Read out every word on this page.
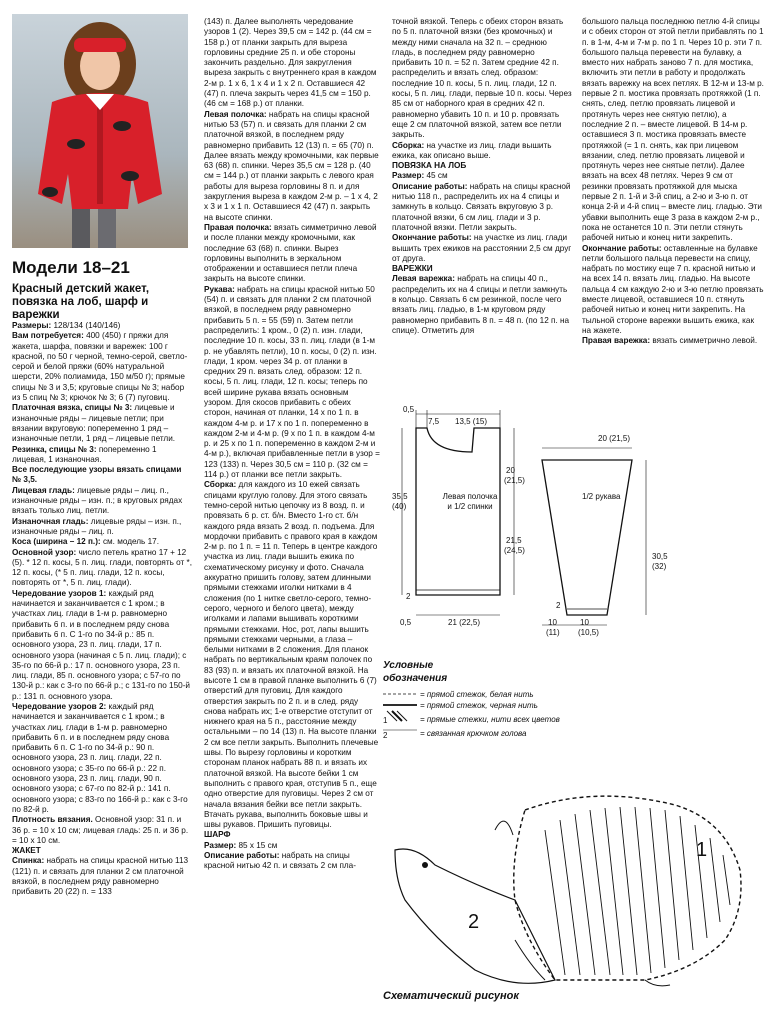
Модели 18–21
Красный детский жакет, повязка на лоб, шарф и варежки

Размеры: 128/134 (140/146)

Вам потребуется: 400 (450) г пряжи для жакета, шарфа, повязки и варежек: 100 г красной, по 50 г черной, темно-серой, светло-серой и белой пряжи (60% натуральной шерсти, 20% полиамида, 150 м/50 г); прямые спицы № 3 и 3,5; круговые спицы № 3; набор из 5 спиц № 3; крючок № 3; 6 (7) пуговиц.

Платочная вязка, спицы № 3: лицевые и изнаночные ряды – лицевые петли; при вязании вкруговую: попеременно 1 ряд – изнаночные петли, 1 ряд – лицевые петли.

Резинка, спицы № 3: попеременно 1 лицевая, 1 изнаночная.

Все последующие узоры вязать спицами № 3,5.

Лицевая гладь: лицевые ряды – лиц. п., изнаночные ряды – изн. п.; в круговых рядах вязать только лиц. петли.

Изнаночная гладь: лицевые ряды – изн. п., изнаночные ряды – лиц. п.

Коса (ширина – 12 п.): см. модель 17.

Основной узор: число петель кратно 17 + 12 (5). * 12 п. косы, 5 п. лиц. глади, повторять от *, 12 п. косы, (* 5 п. лиц. глади, 12 п. косы, повторять от *, 5 п. лиц. глади).

Чередование узоров 1: каждый ряд начинается и заканчивается с 1 кром.; в участках лиц. глади в 1-м р. равномерно прибавить 6 п. и в последнем ряду снова прибавить 6 п. С 1-го по 34-й р.: 85 п. основного узора, 23 п. лиц. глади, 17 п. основного узора (начиная с 5 п. лиц. глади); с 35-го по 66-й р.: 17 п. основного узора, 23 п. лиц. глади, 85 п. основного узора; с 57-го по 130-й р.: как с 3-го по 66-й р.; с 131-го по 150-й р.: 131 п. основного узора.

Чередование узоров 2: каждый ряд начинается и заканчивается с 1 кром.; в участках лиц. глади в 1-м р. равномерно прибавить 6 п. и в последнем ряду снова прибавить 6 п. С 1-го по 34-й р.: 90 п. основного узора, 23 п. лиц. глади, 22 п. основного узора; с 35-го по 66-й р.: 22 п. основного узора, 23 п. лиц. глади, 90 п. основного узора; с 67-го по 82-й р.: 141 п. основного узора; с 83-го по 166-й р.: как с 3-го по 82-й р.

Плотность вязания. Основной узор: 31 п. и 36 р. = 10 х 10 см; лицевая гладь: 25 п. и 36 р. = 10 х 10 см.

ЖАКЕТ

Спинка: набрать на спицы красной нитью 113 (121) п. и связать для планки 2 см платочной вязкой, в последнем ряду равномерно прибавить 20 (22) п. = 133

(143) п. Далее выполнять чередование узоров 1 (2). Через 39,5 см = 142 р. (44 см = 158 р.) от планки закрыть для выреза горловины средние 25 п. и обе стороны закончить раздельно. Для закругления выреза закрыть с внутреннего края в каждом 2-м р. 1 х 6, 1 х 4 и 1 х 2 п. Оставшиеся 42 (47) п. плеча закрыть через 41,5 см = 150 р. (46 см = 168 р.) от планки.

Левая полочка: набрать на спицы красной нитью 53 (57) п. и связать для планки 2 см платочной вязкой, в последнем ряду равномерно прибавить 12 (13) п. = 65 (70) п. Далее вязать между кромочными, как первые 63 (68) п. спинки. Через 35,5 см = 128 р. (40 см = 144 р.) от планки закрыть с левого края работы для выреза горловины 8 п. и для закругления выреза в каждом 2-м р. – 1 х 4, 2 х 3 и 1 х 1 п. Оставшиеся 42 (47) п. закрыть на высоте спинки.

Правая полочка: вязать симметрично левой и после планки между кромочными, как последние 63 (68) п. спинки. Вырез горловины выполнить в зеркальном отображении и оставшиеся петли плеча закрыть на высоте спинки.

Рукава: набрать на спицы красной нитью 50 (54) п. и связать для планки 2 см платочной вязкой, в последнем ряду равномерно прибавить 5 п. = 55 (59) п. Затем петли распределить: 1 кром., 0 (2) п. изн. глади, последние 10 п. косы, 33 п. лиц. глади (в 1-м р. не убавлять петли), 10 п. косы, 0 (2) п. изн. глади, 1 кром. через 34 р. от планки в средних 29 п. вязать след. образом: 12 п. косы, 5 п. лиц. глади, 12 п. косы; теперь по всей ширине рукава вязать основным узором. Для скосов прибавить с обеих сторон, начиная от планки, 14 х по 1 п. в каждом 4-м р. и 17 х по 1 п. попеременно в каждом 2-м и 4-м р. (9 х по 1 п. в каждом 4-м р. и 25 х по 1 п. попеременно в каждом 2-м и 4-м р.), включая прибавленные петли в узор = 123 (133) п. Через 30,5 см = 110 р. (32 см = 114 р.) от планки все петли закрыть.

Сборка: для каждого из 10 ежей связать спицами круглую голову. Для этого связать темно-серой нитью цепочку из 8 возд. п. и провязать 6 р. ст. б/н. Вместо 1-го ст. б/н каждого ряда вязать 2 возд. п. подъема. Для мордочки прибавить с правого края в каждом 2-м р. по 1 п. = 11 п. Теперь в центре каждого участка из лиц. глади вышить ежика по схематическому рисунку и фото. Сначала аккуратно пришить голову, затем длинными прямыми стежками иголки нитками в 4 сложения (по 1 нитке светло-серого, темно-серого, черного и белого цвета), между иголками и лапами вышивать короткими прямыми стежками. Нос, рот, лапы вышить прямыми стежками черными, а глаза – белыми нитками в 2 сложения. Для планок набрать по вертикальным краям полочек по 83 (93) п. и вязать их платочной вязкой. На высоте 1 см в правой планке выполнить 6 (7) отверстий для пуговиц. Для каждого отверстия закрыть по 2 п. и в след. ряду снова набрать их; 1-е отверстие отступит от нижнего края на 5 п., расстояние между остальными – по 14 (13) п. На высоте планки 2 см все петли закрыть. Выполнить плечевые швы. По вырезу горловины и коротким сторонам планок набрать 88 п. и вязать их платочной вязкой. На высоте бейки 1 см выполнить с правого края, отступив 5 п., еще одно отверстие для пуговицы. Через 2 см от начала вязания бейки все петли закрыть. Втачать рукава, выполнить боковые швы и швы рукавов. Пришить пуговицы.

ШАРФ

Размер: 85 х 15 см

Описание работы: набрать на спицы красной нитью 42 п. и связать 2 см пла-

точной вязкой. Теперь с обеих сторон вязать по 5 п. платочной вязки (без кромочных) и между ними сначала на 32 п. – среднюю гладь, в последнем ряду равномерно прибавить 10 п. = 52 п. Затем средние 42 п. распределить и вязать след. образом: последние 10 п. косы, 5 п. лиц. глади, 12 п. косы, 5 п. лиц. глади, первые 10 п. косы. Через 85 см от наборного края в средних 42 п. равномерно убавить 10 п. и 10 р. провязать еще 2 см платочной вязкой, затем все петли закрыть.

Сборка: на участке из лиц. глади вышить ежика, как описано выше.

ПОВЯЗКА НА ЛОБ

Размер: 45 см

Описание работы: набрать на спицы красной нитью 118 п., распределить их на 4 спицы и замкнуть в кольцо. Связать вкруговую 3 р. платочной вязки, 6 см лиц. глади и 3 р. платочной вязки. Петли закрыть.

Окончание работы: на участке из лиц. глади вышить трех ежиков на расстоянии 2,5 см друг от друга.

ВАРЕЖКИ

Левая варежка: набрать на спицы 40 п., распределить их на 4 спицы и петли замкнуть в кольцо. Связать 6 см резинкой, после чего вязать лиц. гладью, в 1-м круговом ряду равномерно прибавить 8 п. = 48 п. (по 12 п. на спице). Отметить для

большого пальца последнюю петлю 4-й спицы и с обеих сторон от этой петли прибавлять по 1 п. в 1-м, 4-м и 7-м р. по 1 п. Через 10 р. эти 7 п. большого пальца перевести на булавку, а вместо них набрать заново 7 п. для мостика, включить эти петли в работу и продолжать вязать варежку на всех петлях. В 12-м и 13-м р. первые 2 п. мостика провязать протяжкой (1 п. снять, след. петлю провязать лицевой и протянуть через нее снятую петлю), а последние 2 п. – вместе лицевой. В 14-м р. оставшиеся 3 п. мостика провязать вместе протяжкой (= 1 п. снять, как при лицевом вязании, след. петлю провязать лицевой и протянуть через нее снятые петли). Далее вязать на всех 48 петлях. Через 9 см от резинки провязать протяжкой для мыска первые 2 п. 1-й и 3-й спиц, а 2-ю и 3-ю п. от конца 2-й и 4-й спиц – вместе лиц. гладью. Эти убавки выполнить еще 3 раза в каждом 2-м р., пока не останется 10 п. Эти петли стянуть рабочей нитью и конец нити закрепить.

Окончание работы: оставленные на булавке петли большого пальца перевести на спицу, набрать по мостику еще 7 п. красной нитью и на всех 14 п. вязать лиц. гладью. На высоте пальца 4 см каждую 2-ю и 3-ю петлю провязать вместе лицевой, оставшиеся 10 п. стянуть рабочей нитью и конец нити закрепить. На тыльной стороне варежки вышить ежика, как на жакете.

Правая варежка: вязать симметрично левой.

0,5
7,5 13,5 (15)
Левая полочка
и 1/2 спинки
35,5
(40)
20
(21,5)
21,5
(24,5)
0,5
2
21 (22,5)
20 (21,5)
1/2 рукава
30,5
(32)
2
10
(11)
10
(10,5)
Условные
обозначения
1
2
= прямой стежок, белая нить
= прямой стежок, черная нить
= прямые стежки, нити всех цветов
= связанная крючком голова
1
2
Схематический рисунок
